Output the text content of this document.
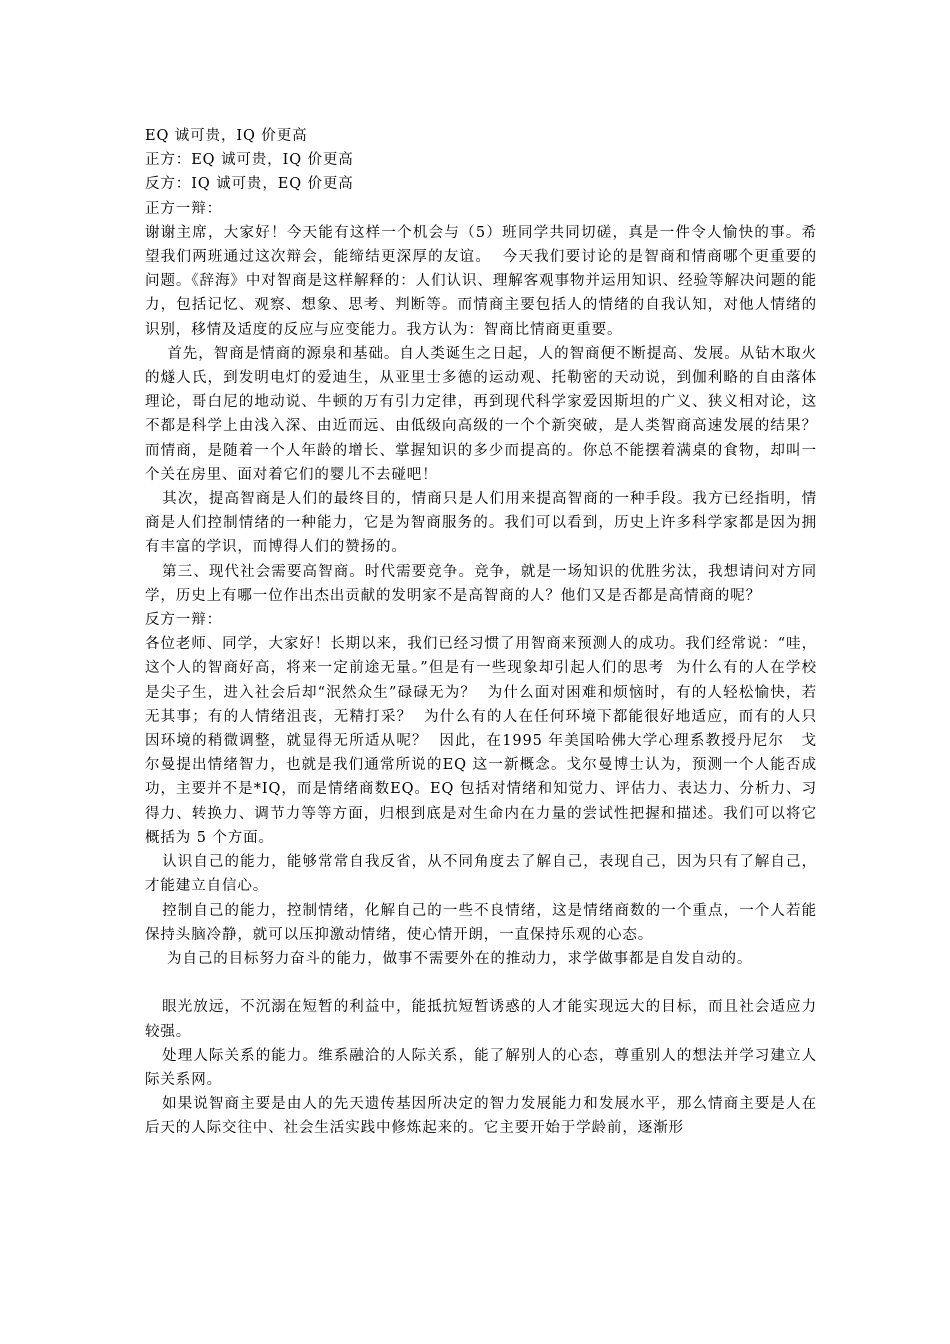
EQ 诚可贵，IQ 价更高

正方：EQ 诚可贵，IQ 价更高

反方：IQ 诚可贵，EQ 价更高

正方一辩：

谢谢主席，大家好！今天能有这样一个机会与（5）班同学共同切磋，真是一件令人愉快的事。希望我们两班通过这次辩会，能缔结更深厚的友谊。  今天我们要讨论的是智商和情商哪个更重要的问题。《辞海》中对智商是这样解释的：人们认识、理解客观事物并运用知识、经验等解决问题的能力，包括记忆、观察、想象、思考、判断等。而情商主要包括人的情绪的自我认知，对他人情绪的识别，移情及适度的反应与应变能力。我方认为：智商比情商更重要。

首先，智商是情商的源泉和基础。自人类诞生之日起，人的智商便不断提高、发展。从钻木取火的燧人氏，到发明电灯的爱迪生，从亚里士多德的运动观、托勒密的天动说，到伽利略的自由落体理论，哥白尼的地动说、牛顿的万有引力定律，再到现代科学家爱因斯坦的广义、狭义相对论，这不都是科学上由浅入深、由近而远、由低级向高级的一个个新突破，是人类智商高速发展的结果？而情商，是随着一个人年龄的增长、掌握知识的多少而提高的。你总不能摆着满桌的食物，却叫一个关在房里、面对着它们的婴儿不去碰吧！

其次，提高智商是人们的最终目的，情商只是人们用来提高智商的一种手段。我方已经指明，情商是人们控制情绪的一种能力，它是为智商服务的。我们可以看到，历史上许多科学家都是因为拥有丰富的学识，而博得人们的赞扬的。

第三、现代社会需要高智商。时代需要竞争。竞争，就是一场知识的优胜劣汰，我想请问对方同学，历史上有哪一位作出杰出贡献的发明家不是高智商的人？他们又是否都是高情商的呢？

反方一辩：

各位老师、同学，大家好！长期以来，我们已经习惯了用智商来预测人的成功。我们经常说：“哇，这个人的智商好高，将来一定前途无量。”但是有一些现象却引起人们的思考  为什么有的人在学校是尖子生，进入社会后却“泯然众生”碌碌无为？  为什么面对困难和烦恼时，有的人轻松愉快，若无其事；有的人情绪沮丧，无精打采？  为什么有的人在任何环境下都能很好地适应，而有的人只因环境的稍微调整，就显得无所适从呢？  因此，在1995 年美国哈佛大学心理系教授丹尼尔   戈尔曼提出情绪智力，也就是我们通常所说的EQ 这一新概念。戈尔曼博士认为，预测一个人能否成功，主要并不是*IQ，而是情绪商数EQ。EQ 包括对情绪和知觉力、评估力、表达力、分析力、习得力、转换力、调节力等等方面，归根到底是对生命内在力量的尝试性把握和描述。我们可以将它概括为 5 个方面。

认识自己的能力，能够常常自我反省，从不同角度去了解自己，表现自己，因为只有了解自己，才能建立自信心。

控制自己的能力，控制情绪，化解自己的一些不良情绪，这是情绪商数的一个重点，一个人若能保持头脑冷静，就可以压抑激动情绪，使心情开朗，一直保持乐观的心态。

为自己的目标努力奋斗的能力，做事不需要外在的推动力，求学做事都是自发自动的。

眼光放远，不沉溺在短暂的利益中，能抵抗短暂诱惑的人才能实现远大的目标，而且社会适应力较强。

处理人际关系的能力。维系融洽的人际关系，能了解别人的心态，尊重别人的想法并学习建立人际关系网。

如果说智商主要是由人的先天遗传基因所决定的智力发展能力和发展水平，那么情商主要是人在后天的人际交往中、社会生活实践中修炼起来的。它主要开始于学龄前，逐渐形
